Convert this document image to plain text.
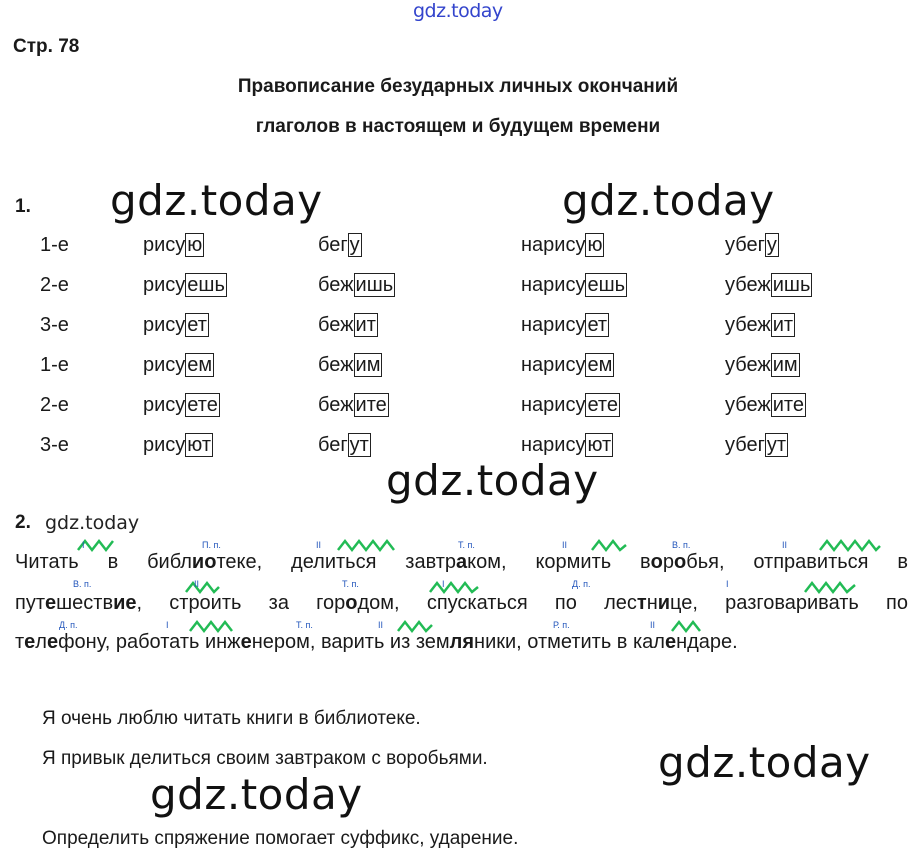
gdz.today
Стр. 78
Правописание безударных личных окончаний
глаголов в настоящем и будущем времени
gdz.today	gdz.today
gdz.today
gdz.today
gdz.today
1.
1-е	рису ю	бег у	нарису ю	убег у
2-е	рису ешь	беж ишь	нарису ешь	убеж ишь
3-е	рису ет	беж ит	нарису ет	убеж ит
1-е	рису ем	беж им	нарису ем	убеж им
2-е	рису ете	беж ите	нарису ете	убеж ите
3-е	рису ют	бег ут	нарису ют	убег ут
2. gdz.today
I	П. п.	II	Т. п.	II	В. п.	II
В. п.	II	Т. п.	I	Д. п.	I
Д. п.	I	Т. п.	II	Р. п.	II
Читать в библиотеке, делиться завтраком, кормить воробья, отправиться в
путешествие, строить за городом, спускаться по лестнице, разговаривать по
телефону, работать инженером, варить из земляники, отметить в календаре.
Я очень люблю читать книги в библиотеке.
Я привык делиться своим завтраком с воробьями.
Определить спряжение помогает суффикс, ударение.
